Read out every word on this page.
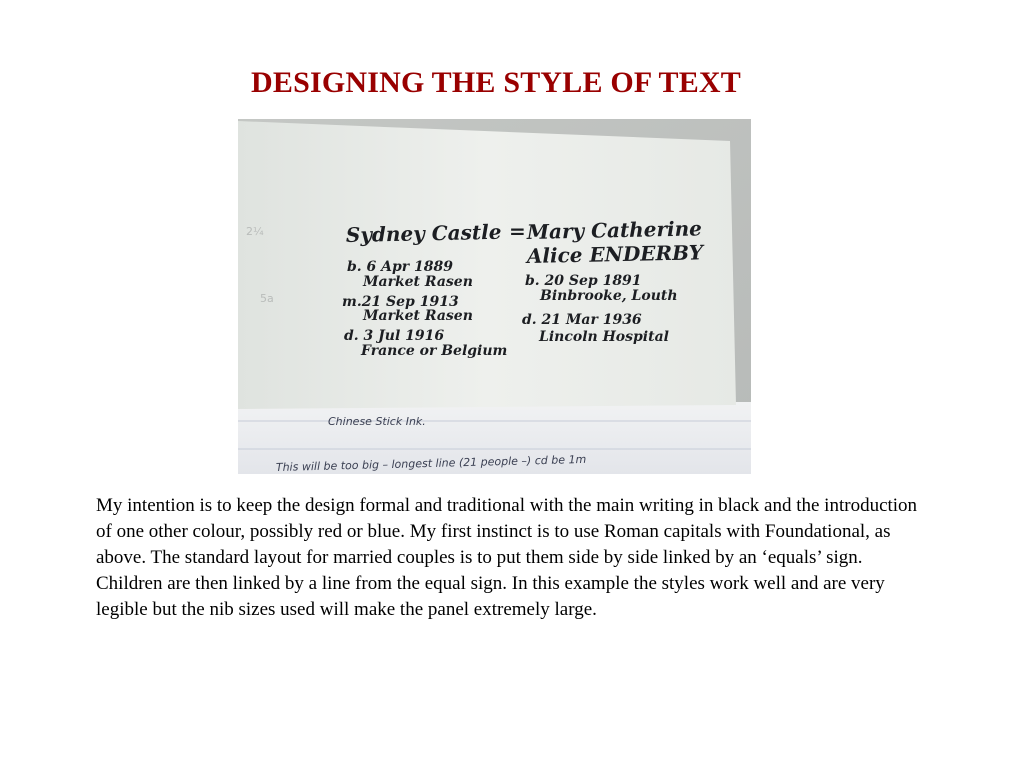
DESIGNING THE STYLE OF TEXT
2¼
5a
Sydney Castle = Mary Catherine
Alice ENDERBY
b. 6 Apr 1889
Market Rasen
m.21 Sep 1913
Market Rasen
d. 3 Jul 1916
France or Belgium
b. 20 Sep 1891
Binbrooke, Louth
d. 21 Mar 1936
Lincoln Hospital
Chinese Stick Ink.
This will be too big – longest line (21 people –) cd be 1m

My intention is to keep the design formal and traditional with the main writing in black and the introduction of one other colour, possibly red or blue. My first instinct is to use Roman capitals with Foundational, as above. The standard layout for married couples is to put them side by side linked by an ‘equals’ sign. Children are then linked by a line from the equal sign. In this example the styles work well and are very legible but the nib sizes used will make the panel extremely large.
